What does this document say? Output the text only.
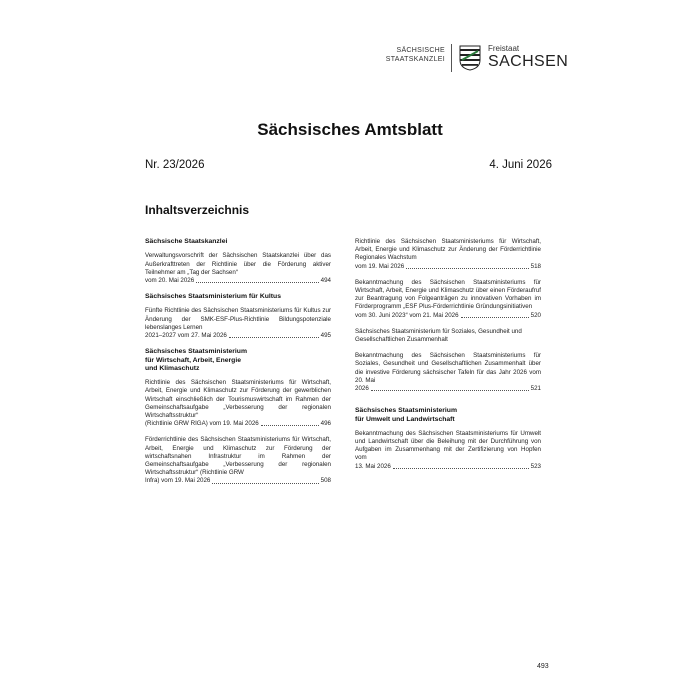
SÄCHSISCHE
STAATSKANZLEI
Freistaat
SACHSEN
Sächsisches Amtsblatt
Nr. 23/2026	4. Juni 2026
Inhaltsverzeichnis
Sächsische Staatskanzlei
Verwaltungsvorschrift der Sächsischen Staatskanzlei über das Außerkrafttreten der Richtlinie über die Förderung aktiver Teilnehmer am „Tag der Sachsen“
vom 20. Mai 2026	494
Sächsisches Staatsministerium für Kultus
Fünfte Richtlinie des Sächsischen Staatsministeriums für Kultus zur Änderung der SMK-ESF-Plus-Richtlinie Bildungspotenziale lebenslanges Lernen
2021–2027 vom 27. Mai 2026	495
Sächsisches Staatsministerium
für Wirtschaft, Arbeit, Energie
und Klimaschutz
Richtlinie des Sächsischen Staatsministeriums für Wirtschaft, Arbeit, Energie und Klimaschutz zur Förderung der gewerblichen Wirtschaft einschließlich der Tourismuswirtschaft im Rahmen der Gemeinschaftsaufgabe „Verbesserung der regionalen Wirtschaftsstruktur“
(Richtlinie GRW RIGA) vom 19. Mai 2026	496
Förderrichtlinie des Sächsischen Staatsministeriums für Wirtschaft, Arbeit, Energie und Klimaschutz zur Förderung der wirtschaftsnahen Infrastruktur im Rahmen der Gemeinschaftsaufgabe „Verbesserung der regionalen Wirtschaftsstruktur“ (Richtlinie GRW
Infra) vom 19. Mai 2026	508
Richtlinie des Sächsischen Staatsministeriums für Wirtschaft, Arbeit, Energie und Klimaschutz zur Änderung der Förderrichtlinie Regionales Wachstum
vom 19. Mai 2026	518
Bekanntmachung des Sächsischen Staatsministeriums für Wirtschaft, Arbeit, Energie und Klimaschutz über einen Förderaufruf zur Beantragung von Folgeanträgen zu innovativen Vorhaben im Förderprogramm „ESF Plus-Förderrichtlinie Gründungsinitiativen
vom 30. Juni 2023“ vom 21. Mai 2026	520
Sächsisches Staatsministerium für Soziales, Gesundheit und Gesellschaftlichen Zusammenhalt
Bekanntmachung des Sächsischen Staatsministeriums für Soziales, Gesundheit und Gesellschaftlichen Zusammenhalt über die investive Förderung sächsischer Tafeln für das Jahr 2026 vom 20. Mai
2026	521
Sächsisches Staatsministerium
für Umwelt und Landwirtschaft
Bekanntmachung des Sächsischen Staatsministeriums für Umwelt und Landwirtschaft über die Beleihung mit der Durchführung von Aufgaben im Zusammenhang mit der Zertifizierung von Hopfen vom
13. Mai 2026	523
493
